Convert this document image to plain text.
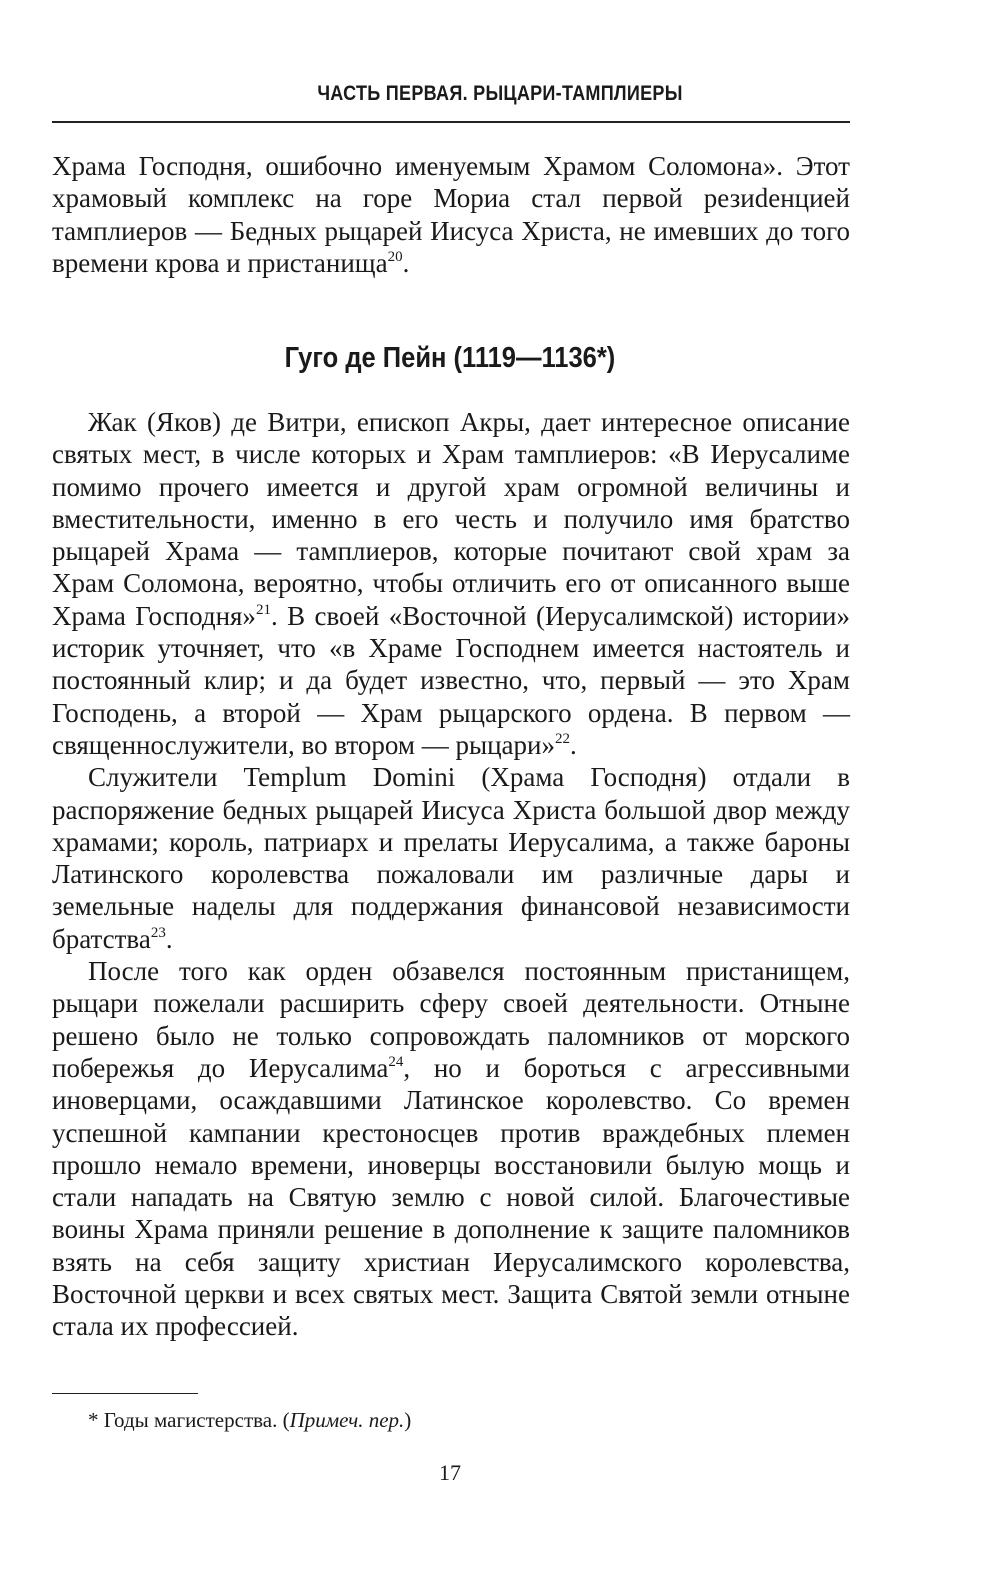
ЧАСТЬ ПЕРВАЯ. РЫЦАРИ-ТАМПЛИЕРЫ

Храма Господня, ошибочно именуемым Храмом Соломона». Этот храмовый комплекс на горе Мориа стал первой резиdенцией тамплиеров — Бедных рыцарей Иисуса Христа, не имевших до того времени крова и пристанища$^{20}$.

Гуго де Пейн (1119—1136*)

Жак (Яков) де Витри, епископ Акры, дает интересное описание святых мест, в числе которых и Храм тамплиеров: «В Иерусалиме помимо прочего имеется и другой храм огромной величины и вместительности, именно в его честь и получило имя братство рыцарей Храма — тамплиеров, которые почитают свой храм за Храм Соломона, вероятно, чтобы отличить его от описанного выше Храма Господня»$^{21}$. В своей «Восточной (Иерусалимской) истории» историк уточняет, что «в Храме Господнем имеется настоятель и постоянный клир; и да будет известно, что, первый — это Храм Господень, а второй — Храм рыцарского ордена. В первом — священнослужители, во втором — рыцари»$^{22}$.

Служители Templum Domini (Храма Господня) отдали в распоряжение бедных рыцарей Иисуса Христа большой двор между храмами; король, патриарх и прелаты Иерусалима, а также бароны Латинского королевства пожаловали им различные дары и земельные наделы для поддержания финансовой независимости братства$^{23}$.

После того как орден обзавелся постоянным пристанищем, рыцари пожелали расширить сферу своей деятельности. Отныне решено было не только сопровождать паломников от морского побережья до Иерусалима$^{24}$, но и бороться с агрессивными иноверцами, осаждавшими Латинское королевство. Со времен успешной кампании крестоносцев против враждебных племен прошло немало времени, иноверцы восстановили былую мощь и стали нападать на Святую землю с новой силой. Благочестивые воины Храма приняли решение в дополнение к защите паломников взять на себя защиту христиан Иерусалимского королевства, Восточной церкви и всех святых мест. Защита Святой земли отныне стала их профессией.

* Годы магистерства. (Примеч. пер.)
17
